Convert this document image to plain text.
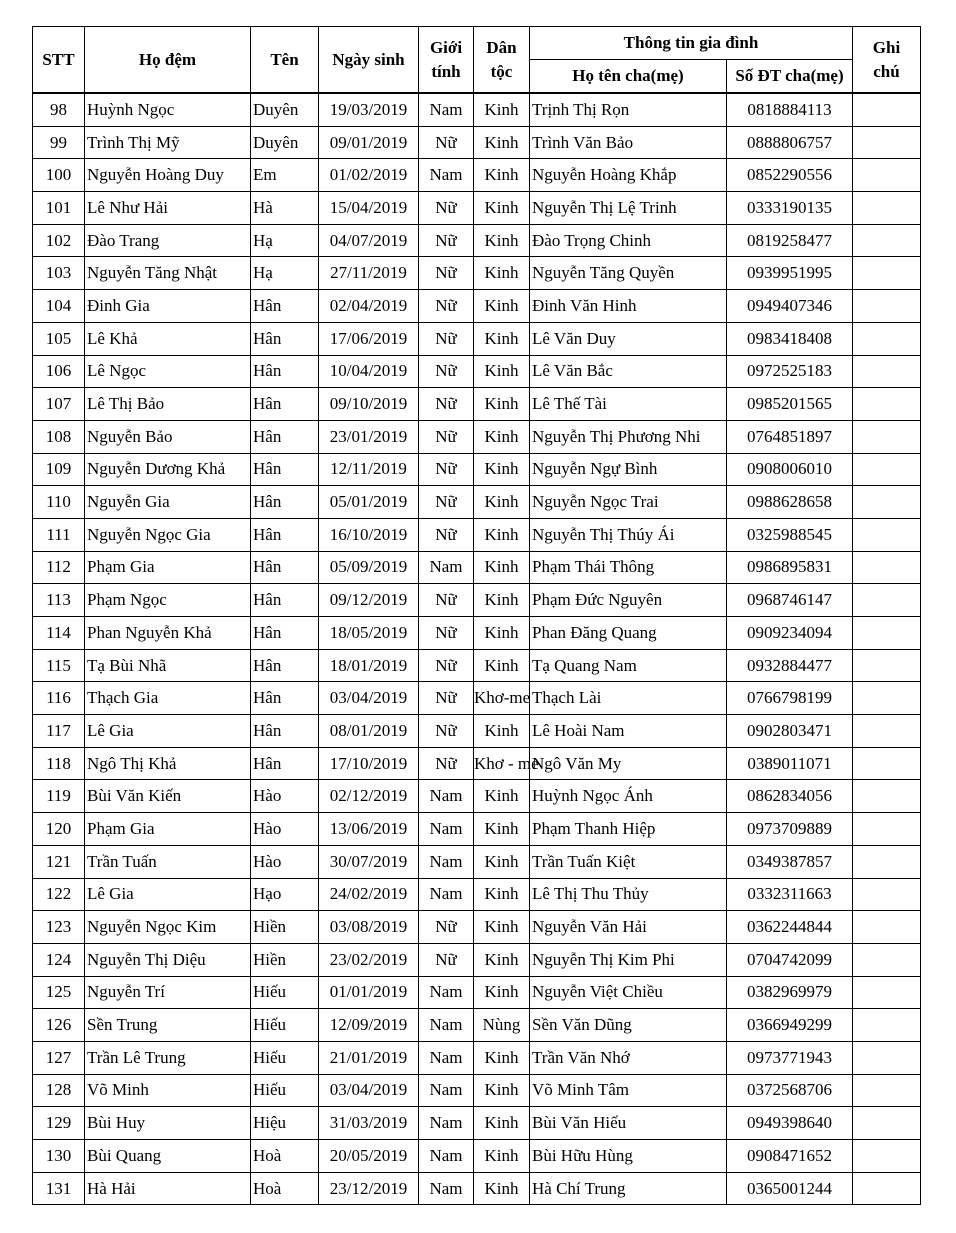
STT	Họ đệm	Tên	Ngày sinh	Giới tính	Dân tộc	Thông tin gia đình		Ghi chú
						Họ tên cha(mẹ)	Số ĐT cha(mẹ)	
98	Huỳnh Ngọc	Duyên	19/03/2019	Nam	Kinh	Trịnh Thị Rọn	0818884113	
99	Trình Thị Mỹ	Duyên	09/01/2019	Nữ	Kinh	Trình Văn Bảo	0888806757	
100	Nguyễn Hoàng Duy	Em	01/02/2019	Nam	Kinh	Nguyễn Hoàng Khắp	0852290556	
101	Lê Như Hải	Hà	15/04/2019	Nữ	Kinh	Nguyễn Thị Lệ Trinh	0333190135	
102	Đào Trang	Hạ	04/07/2019	Nữ	Kinh	Đào Trọng Chinh	0819258477	
103	Nguyễn Tăng Nhật	Hạ	27/11/2019	Nữ	Kinh	Nguyễn Tăng Quyền	0939951995	
104	Đinh Gia	Hân	02/04/2019	Nữ	Kinh	Đinh Văn Hinh	0949407346	
105	Lê Khả	Hân	17/06/2019	Nữ	Kinh	Lê Văn Duy	0983418408	
106	Lê Ngọc	Hân	10/04/2019	Nữ	Kinh	Lê Văn Bắc	0972525183	
107	Lê Thị Bảo	Hân	09/10/2019	Nữ	Kinh	Lê Thế Tài	0985201565	
108	Nguyễn Bảo	Hân	23/01/2019	Nữ	Kinh	Nguyễn Thị Phương Nhi	0764851897	
109	Nguyễn Dương Khả	Hân	12/11/2019	Nữ	Kinh	Nguyễn Ngự Bình	0908006010	
110	Nguyễn Gia	Hân	05/01/2019	Nữ	Kinh	Nguyễn Ngọc Trai	0988628658	
111	Nguyễn Ngọc Gia	Hân	16/10/2019	Nữ	Kinh	Nguyễn Thị Thúy Ái	0325988545	
112	Phạm Gia	Hân	05/09/2019	Nam	Kinh	Phạm Thái Thông	0986895831	
113	Phạm Ngọc	Hân	09/12/2019	Nữ	Kinh	Phạm Đức Nguyên	0968746147	
114	Phan Nguyễn Khả	Hân	18/05/2019	Nữ	Kinh	Phan Đăng Quang	0909234094	
115	Tạ Bùi Nhã	Hân	18/01/2019	Nữ	Kinh	Tạ Quang Nam	0932884477	
116	Thạch Gia	Hân	03/04/2019	Nữ	Khơ-me	Thạch Lài	0766798199	
117	Lê Gia	Hân	08/01/2019	Nữ	Kinh	Lê Hoài Nam	0902803471	
118	Ngô Thị Khả	Hân	17/10/2019	Nữ	Khơ - me	Ngô Văn My	0389011071	
119	Bùi Văn Kiến	Hào	02/12/2019	Nam	Kinh	Huỳnh Ngọc Ánh	0862834056	
120	Phạm Gia	Hào	13/06/2019	Nam	Kinh	Phạm Thanh Hiệp	0973709889	
121	Trần Tuấn	Hào	30/07/2019	Nam	Kinh	Trần Tuấn Kiệt	0349387857	
122	Lê Gia	Hạo	24/02/2019	Nam	Kinh	Lê Thị Thu Thủy	0332311663	
123	Nguyễn Ngọc Kim	Hiền	03/08/2019	Nữ	Kinh	Nguyễn Văn Hải	0362244844	
124	Nguyễn Thị Diệu	Hiền	23/02/2019	Nữ	Kinh	Nguyễn Thị Kim Phi	0704742099	
125	Nguyễn Trí	Hiếu	01/01/2019	Nam	Kinh	Nguyễn Việt Chiều	0382969979	
126	Sền Trung	Hiếu	12/09/2019	Nam	Nùng	Sền Văn Dũng	0366949299	
127	Trần Lê Trung	Hiếu	21/01/2019	Nam	Kinh	Trần Văn Nhớ	0973771943	
128	Võ Minh	Hiếu	03/04/2019	Nam	Kinh	Võ Minh Tâm	0372568706	
129	Bùi Huy	Hiệu	31/03/2019	Nam	Kinh	Bùi Văn Hiếu	0949398640	
130	Bùi Quang	Hoà	20/05/2019	Nam	Kinh	Bùi Hữu Hùng	0908471652	
131	Hà Hải	Hoà	23/12/2019	Nam	Kinh	Hà Chí Trung	0365001244	
